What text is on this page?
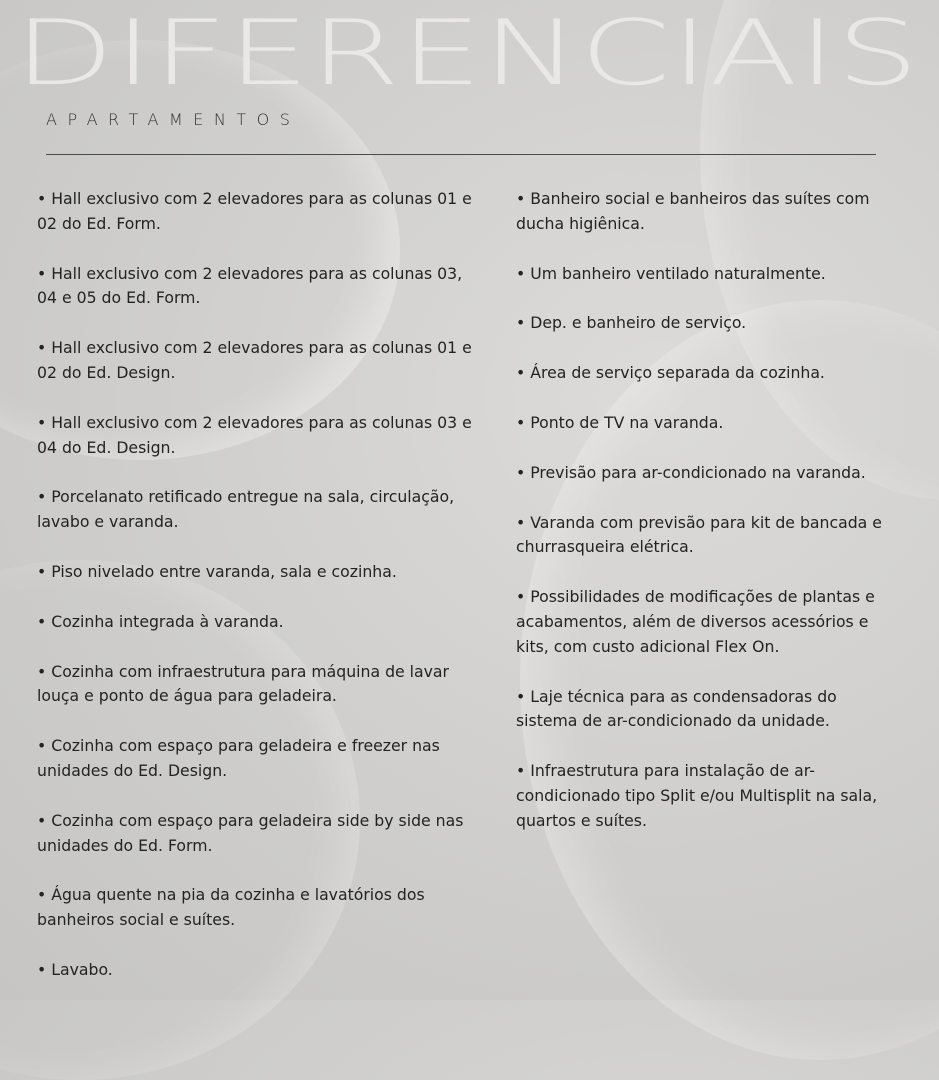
DIFERENCIAIS
APARTAMENTOS

• Hall exclusivo com 2 elevadores para as colunas 01 e 02 do Ed. Form.

• Hall exclusivo com 2 elevadores para as colunas 03, 04 e 05 do Ed. Form.

• Hall exclusivo com 2 elevadores para as colunas 01 e 02 do Ed. Design.

• Hall exclusivo com 2 elevadores para as colunas 03 e 04 do Ed. Design.

• Porcelanato retificado entregue na sala, circulação, lavabo e varanda.

• Piso nivelado entre varanda, sala e cozinha.

• Cozinha integrada à varanda.

• Cozinha com infraestrutura para máquina de lavar louça e ponto de água para geladeira.

• Cozinha com espaço para geladeira e freezer nas unidades do Ed. Design.

• Cozinha com espaço para geladeira side by side nas unidades do Ed. Form.

• Água quente na pia da cozinha e lavatórios dos banheiros social e suítes.

• Lavabo.

• Banheiro social e banheiros das suítes com ducha higiênica.

• Um banheiro ventilado naturalmente.

• Dep. e banheiro de serviço.

• Área de serviço separada da cozinha.

• Ponto de TV na varanda.

• Previsão para ar-condicionado na varanda.

• Varanda com previsão para kit de bancada e churrasqueira elétrica.

• Possibilidades de modificações de plantas e acabamentos, além de diversos acessórios e kits, com custo adicional Flex On.

• Laje técnica para as condensadoras do sistema de ar-condicionado da unidade.

• Infraestrutura para instalação de ar-condicionado tipo Split e/ou Multisplit na sala, quartos e suítes.
